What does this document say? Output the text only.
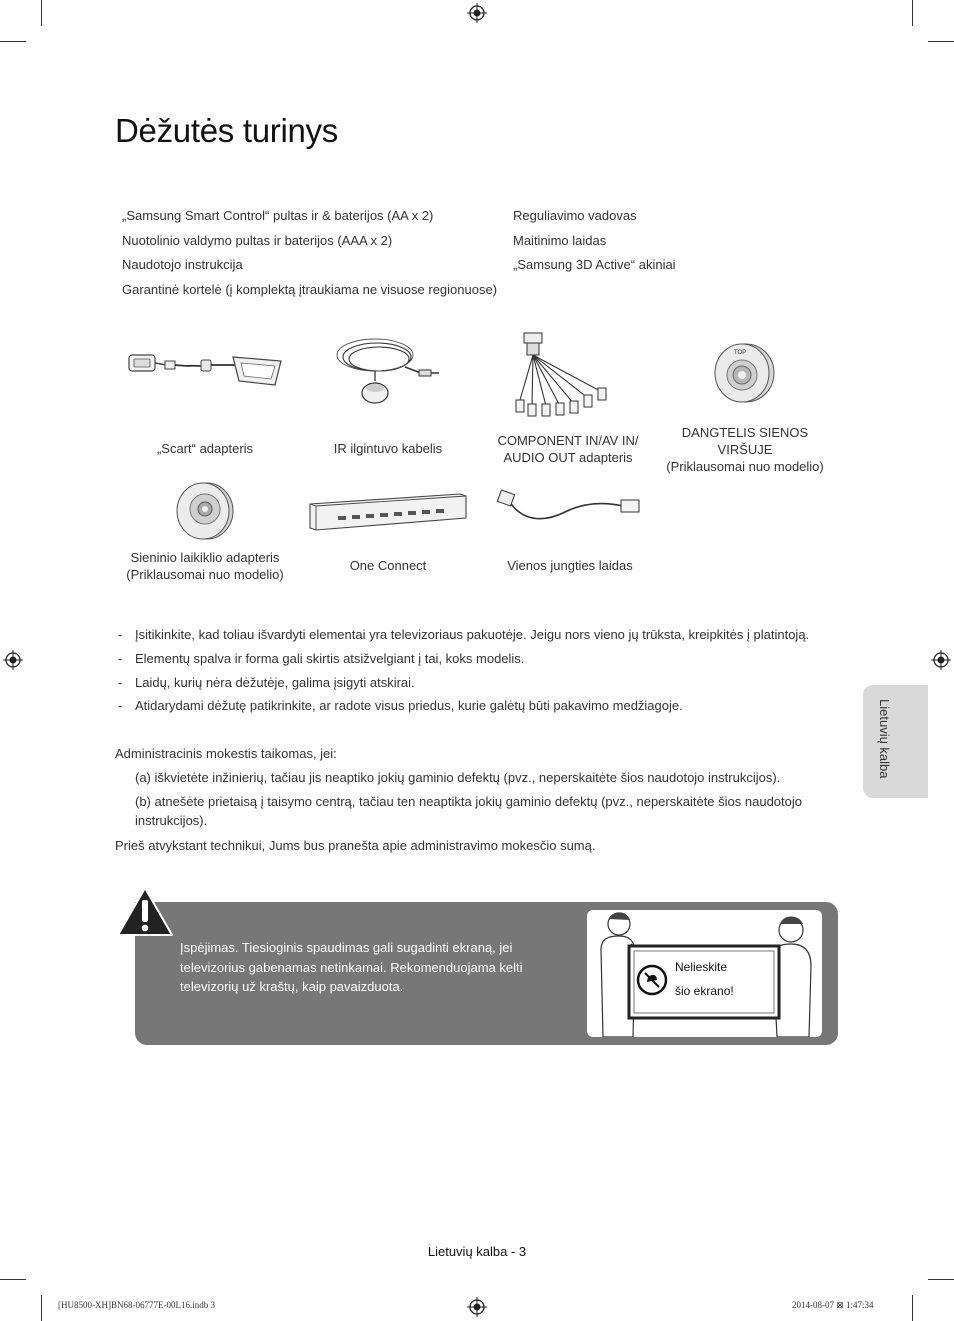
Dėžutės turinys
„Samsung Smart Control“ pultas ir & baterijos (AA x 2)
Nuotolinio valdymo pultas ir baterijos (AAA x 2)
Naudotojo instrukcija
Garantinė kortelė (į komplektą įtraukiama ne visuose regionuose)
Reguliavimo vadovas
Maitinimo laidas
„Samsung 3D Active“ akiniai
TOP
„Scart“ adapteris	IR ilgintuvo kabelis
COMPONENT IN/AV IN/
AUDIO OUT adapteris
DANGTELIS SIENOS
VIRŠUJE
(Priklausomai nuo modelio)
Sieninio laikiklio adapteris
(Priklausomai nuo modelio)
One Connect	Vienos jungties laidas
- Įsitikinkite, kad toliau išvardyti elementai yra televizoriaus pakuotėje. Jeigu nors vieno jų trūksta, kreipkitės į platintoją.
- Elementų spalva ir forma gali skirtis atsižvelgiant į tai, koks modelis.
- Laidų, kurių nėra dėžutėje, galima įsigyti atskirai.
- Atidarydami dėžutę patikrinkite, ar radote visus priedus, kurie galėtų būti pakavimo medžiagoje.
Administracinis mokestis taikomas, jei:
(a) iškvietėte inžinierių, tačiau jis neaptiko jokių gaminio defektų (pvz., neperskaitėte šios naudotojo instrukcijos).
(b) atnešėte prietaisą į taisymo centrą, tačiau ten neaptikta jokių gaminio defektų (pvz., neperskaitėte šios naudotojo instrukcijos).
Prieš atvykstant technikui, Jums bus pranešta apie administravimo mokesčio sumą.
Įspėjimas. Tiesioginis spaudimas gali sugadinti ekraną, jei televizorius gabenamas netinkamai. Rekomenduojama kelti televizorių už kraštų, kaip pavaizduota.
Nelieskite
šio ekrano!
Lietuvių kalba
Lietuvių kalba - 3
[HU8500-XH]BN68-06777E-00L16.indb 3	2014-08-07 ⊠ 1:47:34
